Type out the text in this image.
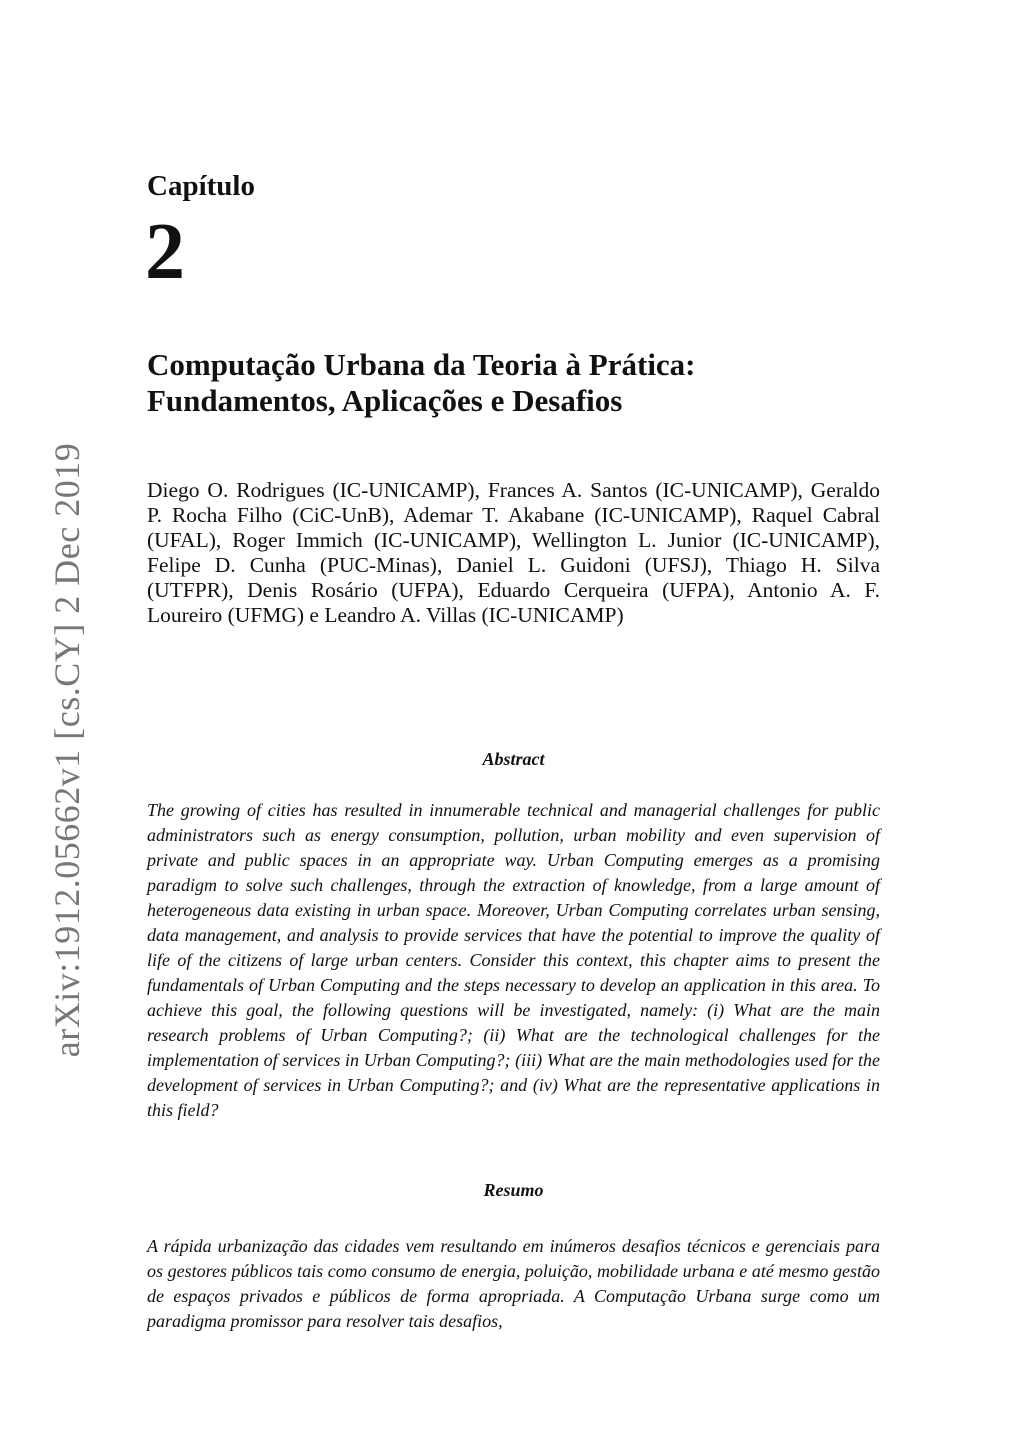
arXiv:1912.05662v1 [cs.CY] 2 Dec 2019
Capítulo
2
Computação Urbana da Teoria à Prática:
Fundamentos, Aplicações e Desafios

Diego O. Rodrigues (IC-UNICAMP), Frances A. Santos (IC-UNICAMP), Geraldo P. Rocha Filho (CiC-UnB), Ademar T. Akabane (IC-UNICAMP), Raquel Cabral (UFAL), Roger Immich (IC-UNICAMP), Wellington L. Junior (IC-UNICAMP), Felipe D. Cunha (PUC-Minas), Daniel L. Guidoni (UFSJ), Thiago H. Silva (UTFPR), Denis Rosário (UFPA), Eduardo Cerqueira (UFPA), Antonio A. F. Loureiro (UFMG) e Leandro A. Villas (IC-UNICAMP)

Abstract

The growing of cities has resulted in innumerable technical and managerial challenges for public administrators such as energy consumption, pollution, urban mobility and even supervision of private and public spaces in an appropriate way. Urban Computing emerges as a promising paradigm to solve such challenges, through the extraction of knowledge, from a large amount of heterogeneous data existing in urban space. Moreover, Urban Computing correlates urban sensing, data management, and analysis to provide services that have the potential to improve the quality of life of the citizens of large urban centers. Consider this context, this chapter aims to present the fundamentals of Urban Computing and the steps necessary to develop an application in this area. To achieve this goal, the following questions will be investigated, namely: (i) What are the main research problems of Urban Computing?; (ii) What are the technological challenges for the implementation of services in Urban Computing?; (iii) What are the main methodologies used for the development of services in Urban Computing?; and (iv) What are the representative applications in this field?

Resumo

A rápida urbanização das cidades vem resultando em inúmeros desafios técnicos e gerenciais para os gestores públicos tais como consumo de energia, poluição, mobilidade urbana e até mesmo gestão de espaços privados e públicos de forma apropriada. A Computação Urbana surge como um paradigma promissor para resolver tais desafios,
